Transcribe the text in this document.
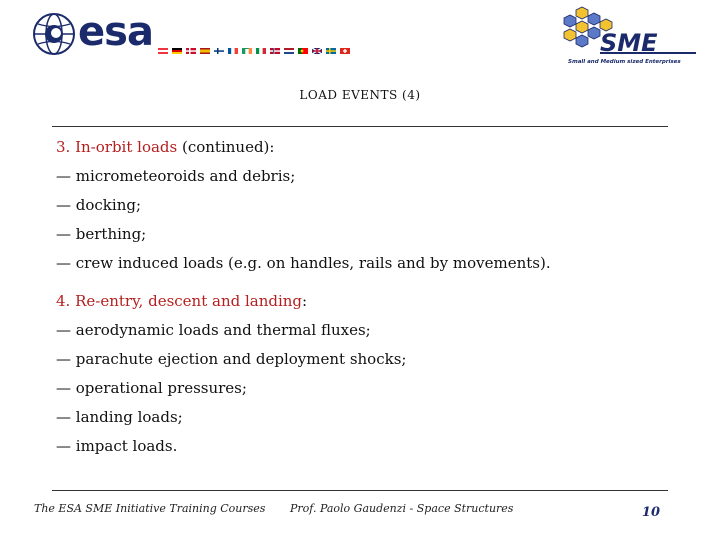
esa	SME
Small and Medium sized Enterprises
LOAD EVENTS (4)
3. In-orbit loads (continued):
— micrometeoroids and debris;
— docking;
— berthing;
— crew induced loads (e.g. on handles, rails and by movements).
4. Re-entry, descent and landing:
— aerodynamic loads and thermal fluxes;
— parachute ejection and deployment shocks;
— operational pressures;
— landing loads;
— impact loads.
The ESA SME Initiative Training Courses Prof. Paolo Gaudenzi - Space Structures	10
